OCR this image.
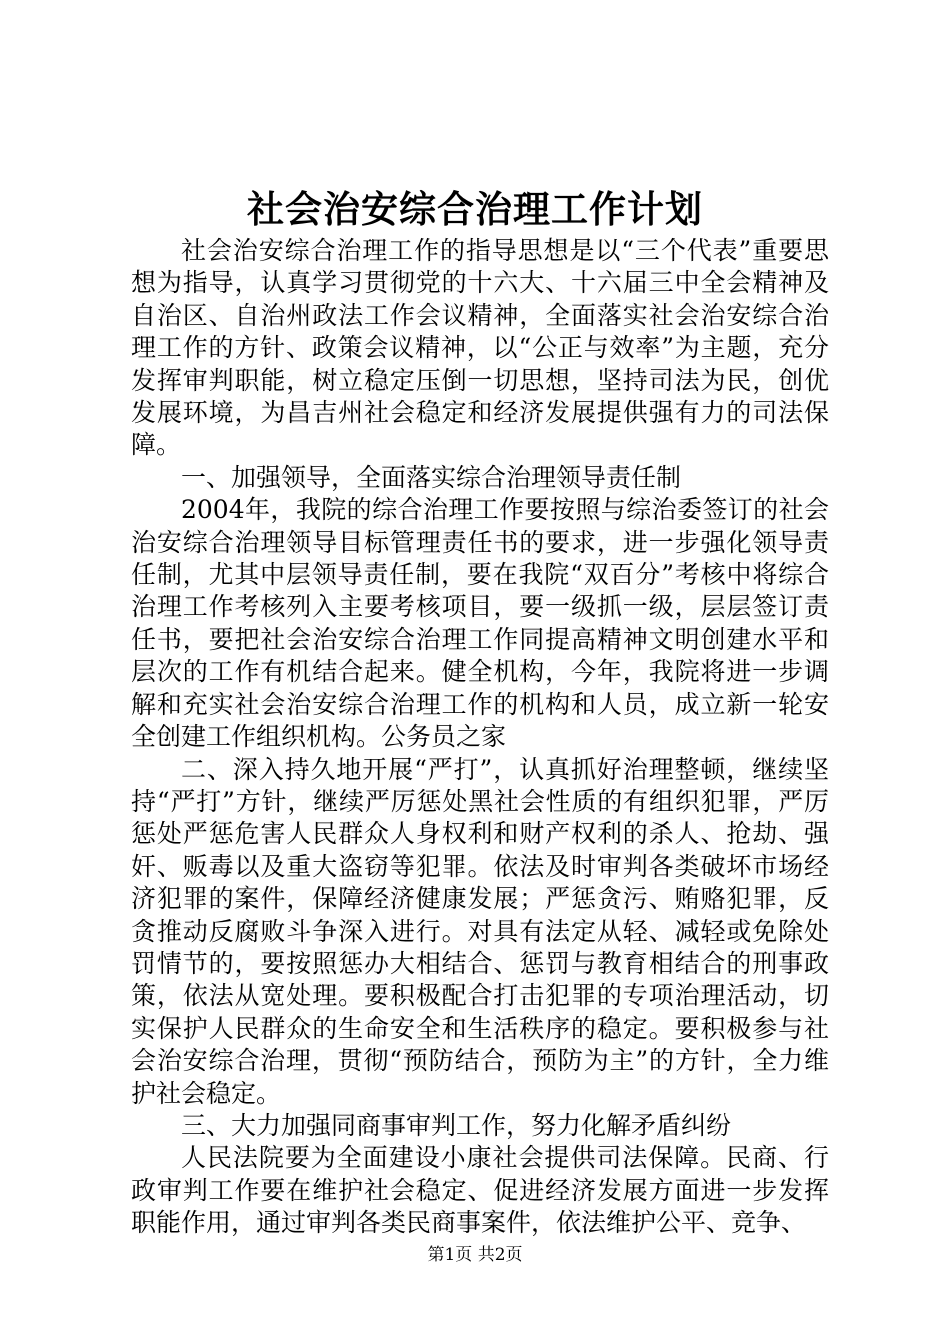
社会治安综合治理工作计划

社会治安综合治理工作的指导思想是以“三个代表”重要思想为指导，认真学习贯彻党的十六大、十六届三中全会精神及自治区、自治州政法工作会议精神，全面落实社会治安综合治理工作的方针、政策会议精神，以“公正与效率”为主题，充分发挥审判职能，树立稳定压倒一切思想，坚持司法为民，创优发展环境，为昌吉州社会稳定和经济发展提供强有力的司法保障。

一、加强领导，全面落实综合治理领导责任制

2004年，我院的综合治理工作要按照与综治委签订的社会治安综合治理领导目标管理责任书的要求，进一步强化领导责任制，尤其中层领导责任制，要在我院“双百分”考核中将综合治理工作考核列入主要考核项目，要一级抓一级，层层签订责任书，要把社会治安综合治理工作同提高精神文明创建水平和层次的工作有机结合起来。健全机构，今年，我院将进一步调解和充实社会治安综合治理工作的机构和人员，成立新一轮安全创建工作组织机构。公务员之家

二、深入持久地开展“严打”，认真抓好治理整顿，继续坚持“严打”方针，继续严厉惩处黑社会性质的有组织犯罪，严厉惩处严惩危害人民群众人身权利和财产权利的杀人、抢劫、强奸、贩毒以及重大盗窃等犯罪。依法及时审判各类破坏市场经济犯罪的案件，保障经济健康发展；严惩贪污、贿赂犯罪，反贪推动反腐败斗争深入进行。对具有法定从轻、减轻或免除处罚情节的，要按照惩办大相结合、惩罚与教育相结合的刑事政策，依法从宽处理。要积极配合打击犯罪的专项治理活动，切实保护人民群众的生命安全和生活秩序的稳定。要积极参与社会治安综合治理，贯彻“预防结合，预防为主”的方针，全力维护社会稳定。

三、大力加强同商事审判工作，努力化解矛盾纠纷

人民法院要为全面建设小康社会提供司法保障。民商、行政审判工作要在维护社会稳定、促进经济发展方面进一步发挥职能作用，通过审判各类民商事案件，依法维护公平、竞争、

第1页 共2页
